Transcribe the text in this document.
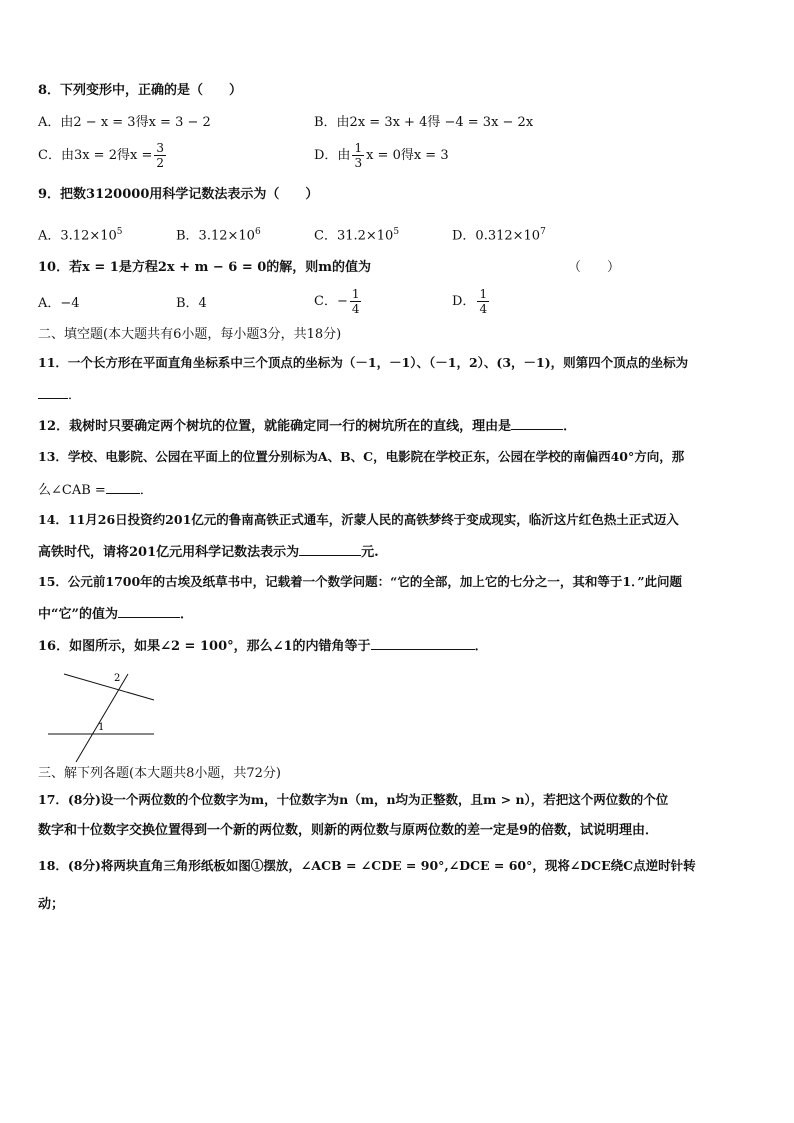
8．下列变形中，正确的是（　　）
A．由2 − x = 3得x = 3 − 2	B．由2x = 3x + 4得 −4 = 3x − 2x
C．由3x = 2得$x = \frac{3}{2}$	D．由 $\frac{1}{3}$ x = 0得x = 3
9．把数3120000用科学记数法表示为（　　）
A．$3.12\times 10^5$	B．$3.12\times 10^6$	C．$31.2\times 10^5$	D．$0.312\times 10^7$
10．若x = 1是方程2x + m − 6 = 0的解，则m的值为	（　　）
A．−4	B．4	C．− $\frac{1}{4}$	D． $\frac{1}{4}$
二、填空题(本大题共有6小题，每小题3分，共18分)
11．一个长方形在平面直角坐标系中三个顶点的坐标为（－1，－1）、（－1，2）、(3，－1)，则第四个顶点的坐标为
．
12．栽树时只要确定两个树坑的位置，就能确定同一行的树坑所在的直线，理由是	．
13．学校、电影院、公园在平面上的位置分别标为A、B、C，电影院在学校正东，公园在学校的南偏西40°方向，那
么∠CAB =	．
14．11月26日投资约201亿元的鲁南高铁正式通车，沂蒙人民的高铁梦终于变成现实，临沂这片红色热土正式迈入
高铁时代，请将201亿元用科学记数法表示为	元.
15．公元前1700年的古埃及纸草书中，记载着一个数学问题：“它的全部，加上它的七分之一，其和等于1．”此问题
中“它”的值为	．
16．如图所示，如果∠2 = 100°，那么∠1的内错角等于	．
2
1
三、解下列各题(本大题共8小题，共72分)
17．(8分)设一个两位数的个位数字为m，十位数字为n（m，n均为正整数，且m > n），若把这个两位数的个位
数字和十位数字交换位置得到一个新的两位数，则新的两位数与原两位数的差一定是9的倍数，试说明理由．
18．(8分)将两块直角三角形纸板如图①摆放，∠ACB = ∠CDE = 90°,∠DCE = 60°，现将∠DCE绕C点逆时针转
动；
